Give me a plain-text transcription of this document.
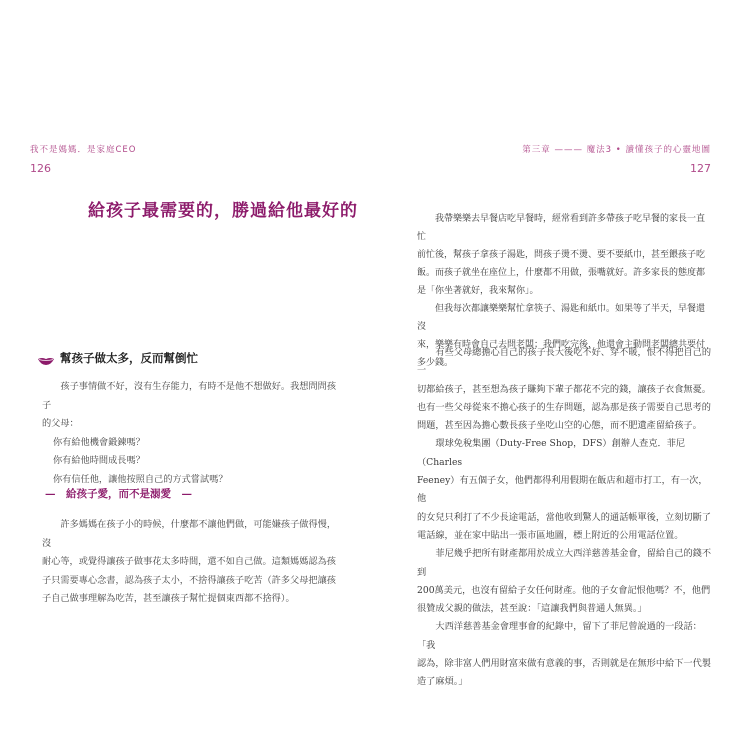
我不是媽媽．是家庭CEO
126
給孩子最需要的，勝過給他最好的
幫孩子做太多，反而幫倒忙

孩子事情做不好，沒有生存能力，有時不是他不想做好。我想問問孩子

的父母：

你有給他機會鍛鍊嗎？

你有給他時間成長嗎？

你有信任他，讓他按照自己的方式嘗試嗎？

—　給孩子愛，而不是溺愛　—

許多媽媽在孩子小的時候，什麼都不讓他們做，可能嫌孩子做得慢，沒

耐心等，或覺得讓孩子做事花太多時間，還不如自己做。這類媽媽認為孩

子只需要專心念書，認為孩子太小，不捨得讓孩子吃苦（許多父母把讓孩

子自己做事理解為吃苦，甚至讓孩子幫忙提個東西都不捨得）。

第三章 ——— 魔法3 • 讀懂孩子的心靈地圖
127

我帶樂樂去早餐店吃早餐時，經常看到許多帶孩子吃早餐的家長一直忙

前忙後，幫孩子拿孩子湯匙，問孩子燙不燙、要不要紙巾，甚至餵孩子吃

飯。而孩子就坐在座位上，什麼都不用做，張嘴就好。許多家長的態度都

是「你坐著就好，我來幫你」。

但我每次都讓樂樂幫忙拿筷子、湯匙和紙巾。如果等了半天，早餐還沒

來，樂樂有時會自己去問老闆；我們吃完後，他還會主動問老闆總共要付

多少錢。

有些父母總擔心自己的孩子長大後吃不好、穿不暖，恨不得把自己的一

切都給孩子，甚至想為孩子賺夠下輩子都花不完的錢，讓孩子衣食無憂。

也有一些父母從來不擔心孩子的生存問題，認為那是孩子需要自己思考的

問題，甚至因為擔心數長孩子坐吃山空的心態，而不肥遺產留給孩子。

環球免稅集團（Duty-Free Shop，DFS）創辦人查克．菲尼（Charles

Feeney）有五個子女，他們都得利用假期在飯店和超市打工，有一次，他

的女兒只利打了不少長途電話，當他收到驚人的通話帳單後，立刻切斷了

電話線，並在家中貼出一張市區地圖，標上附近的公用電話位置。

菲尼幾乎把所有財產都用於成立大西洋慈善基金會，留給自己的錢不到

200萬美元，也沒有留給子女任何財產。他的子女會記恨他嗎？不，他們

很贊成父親的做法，甚至說：「這讓我們與普通人無異。」

大西洋慈善基金會理事會的紀錄中，留下了菲尼曾說過的一段話：「我

認為，除非富人們用財富來做有意義的事，否則就是在無形中給下一代製

造了麻煩。」
